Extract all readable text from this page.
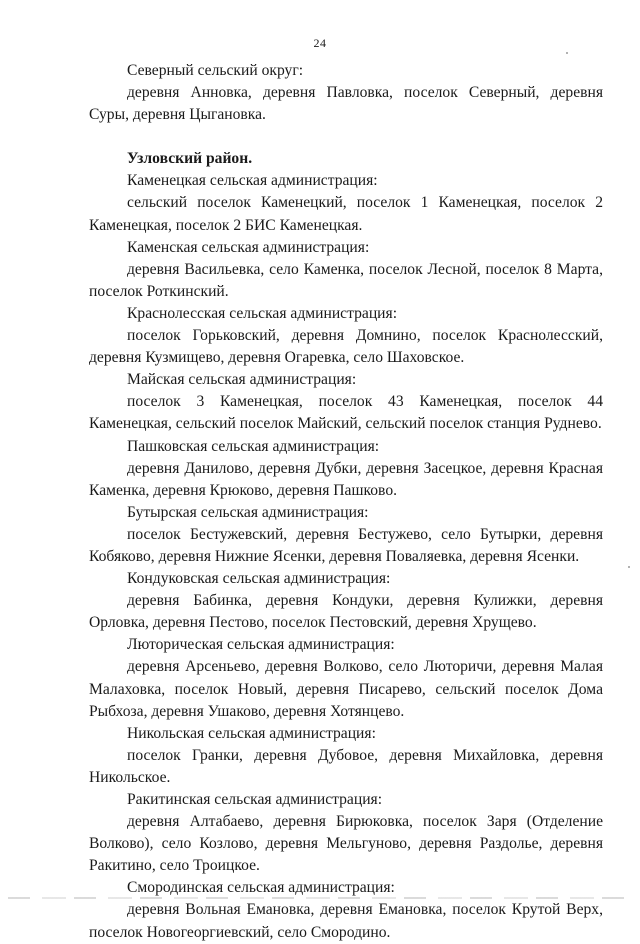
24

Северный сельский округ:

деревня Анновка, деревня Павловка, поселок Северный, деревня Суры, деревня Цыгановка.

Узловский район.

Каменецкая сельская администрация:

сельский поселок Каменецкий, поселок 1 Каменецкая, поселок 2 Каменецкая, поселок 2 БИС Каменецкая.

Каменская сельская администрация:

деревня Васильевка, село Каменка, поселок Лесной, поселок 8 Марта, поселок Роткинский.

Краснолесская сельская администрация:

поселок Горьковский, деревня Домнино, поселок Краснолесский, деревня Кузмищево, деревня Огаревка, село Шаховское.

Майская сельская администрация:

поселок 3 Каменецкая, поселок 43 Каменецкая, поселок 44 Каменецкая, сельский поселок Майский, сельский поселок станция Руднево.

Пашковская сельская администрация:

деревня Данилово, деревня Дубки, деревня Засецкое, деревня Красная Каменка, деревня Крюково, деревня Пашково.

Бутырская сельская администрация:

поселок Бестужевский, деревня Бестужево, село Бутырки, деревня Кобяково, деревня Нижние Ясенки, деревня Поваляевка, деревня Ясенки.

Кондуковская сельская администрация:

деревня Бабинка, деревня Кондуки, деревня Кулижки, деревня Орловка, деревня Пестово, поселок Пестовский, деревня Хрущево.

Люторическая сельская администрация:

деревня Арсеньево, деревня Волково, село Люторичи, деревня Малая Малаховка, поселок Новый, деревня Писарево, сельский поселок Дома Рыбхоза, деревня Ушаково, деревня Хотянцево.

Никольская сельская администрация:

поселок Гранки, деревня Дубовое, деревня Михайловка, деревня Никольское.

Ракитинская сельская администрация:

деревня Алтабаево, деревня Бирюковка, поселок Заря (Отделение Волково), село Козлово, деревня Мельгуново, деревня Раздолье, деревня Ракитино, село Троицкое.

Смородинская сельская администрация:

деревня Вольная Емановка, деревня Емановка, поселок Крутой Верх, поселок Новогеоргиевский, село Смородино.
